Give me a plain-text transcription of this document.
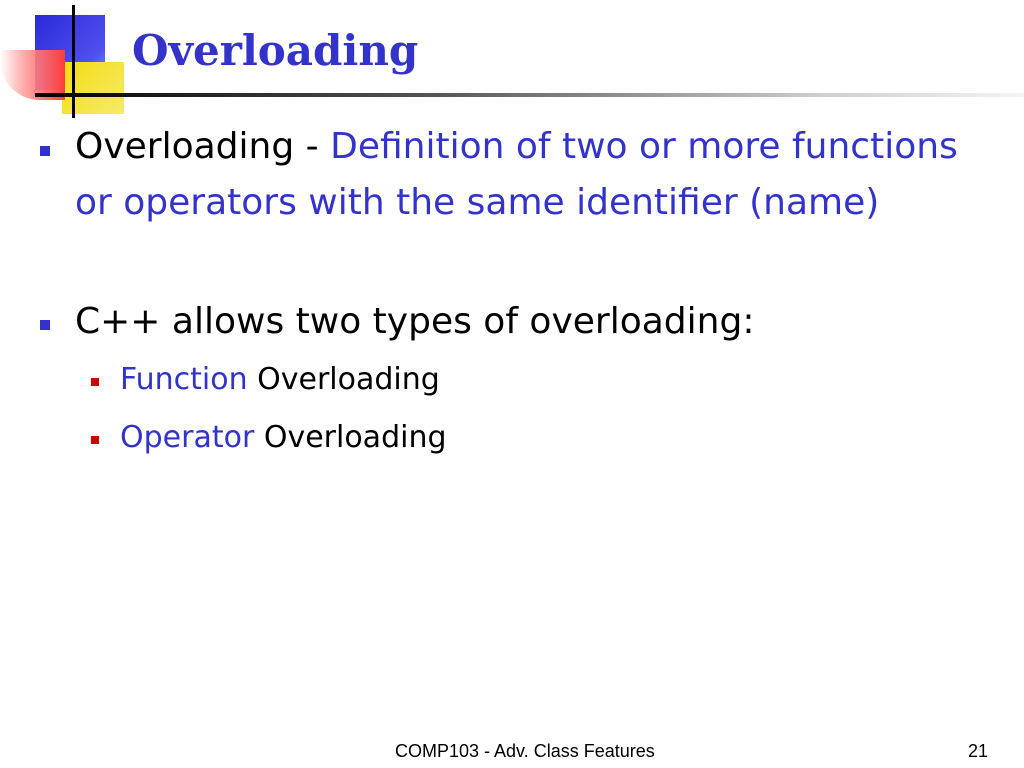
Overloading
Overloading - Definition of two or more functions or operators with the same identifier (name)
C++ allows two types of overloading:
Function Overloading
Operator Overloading
COMP103 - Adv. Class Features	21
